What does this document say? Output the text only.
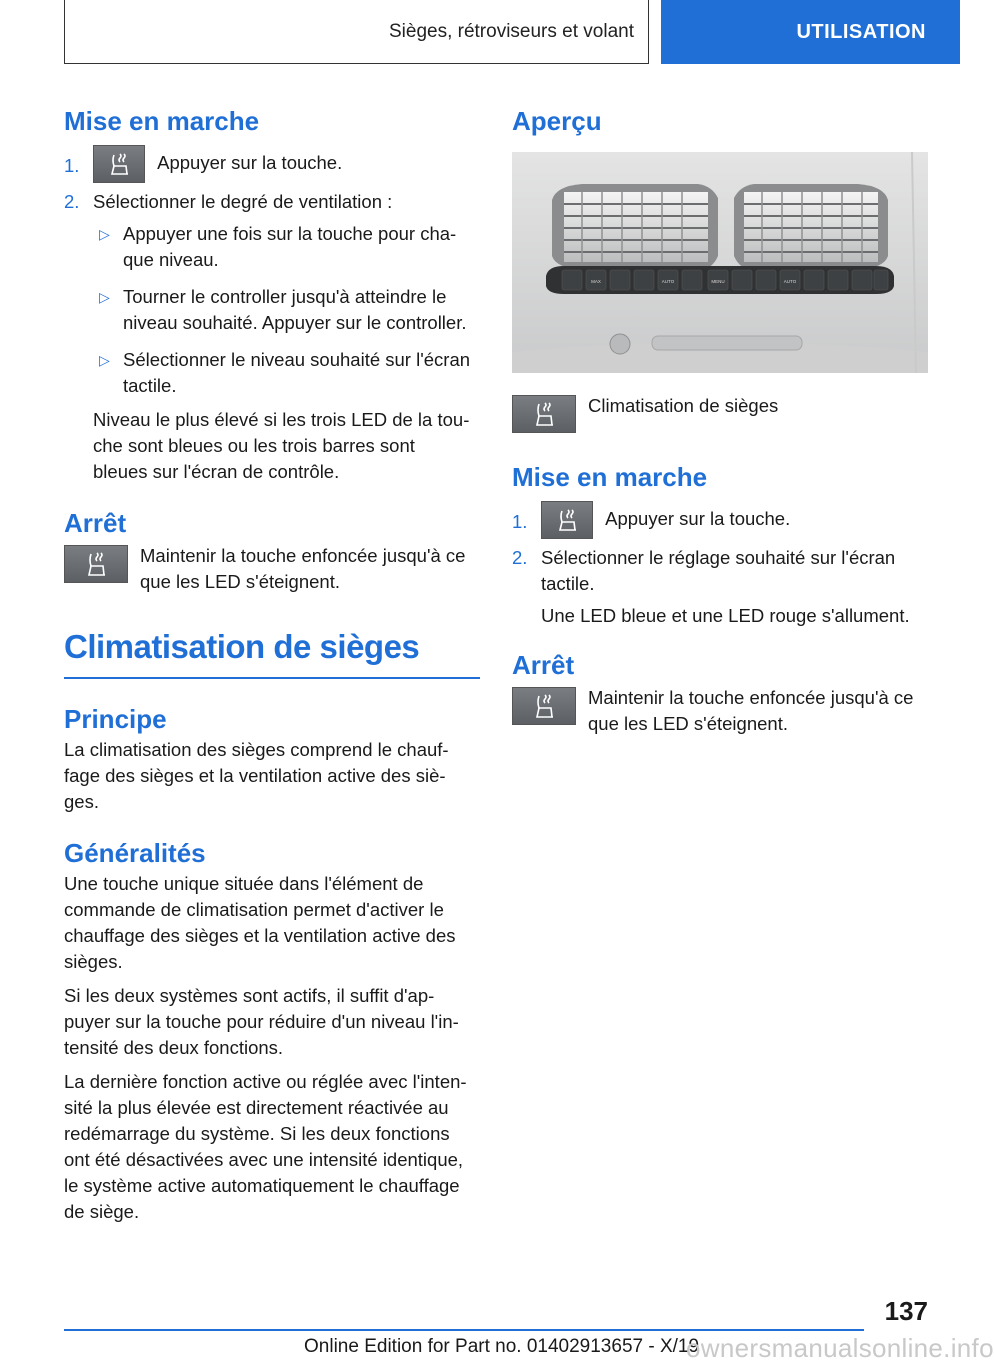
Sièges, rétroviseurs et volant	UTILISATION
Mise en marche
1.	Appuyer sur la touche.
2. Sélectionner le degré de ventilation :
▷ Appuyer une fois sur la touche pour cha-
que niveau.
▷ Tourner le controller jusqu'à atteindre le
niveau souhaité. Appuyer sur le controller.
▷ Sélectionner le niveau souhaité sur l'écran
tactile.
Niveau le plus élevé si les trois LED de la tou-
che sont bleues ou les trois barres sont
bleues sur l'écran de contrôle.
Arrêt
Maintenir la touche enfoncée jusqu'à ce
que les LED s'éteignent.
Climatisation de sièges
Principe
La climatisation des sièges comprend le chauf-
fage des sièges et la ventilation active des siè-
ges.
Généralités
Une touche unique située dans l'élément de
commande de climatisation permet d'activer le
chauffage des sièges et la ventilation active des
sièges.
Si les deux systèmes sont actifs, il suffit d'ap-
puyer sur la touche pour réduire d'un niveau l'in-
tensité des deux fonctions.
La dernière fonction active ou réglée avec l'inten-
sité la plus élevée est directement réactivée au
redémarrage du système. Si les deux fonctions
ont été désactivées avec une intensité identique,
le système active automatiquement le chauffage
de siège.
Aperçu
MAX	AUTO	MENU	AUTO
Climatisation de sièges
Mise en marche
1.	Appuyer sur la touche.
2. Sélectionner le réglage souhaité sur l'écran
tactile.
Une LED bleue et une LED rouge s'allument.
Arrêt
Maintenir la touche enfoncée jusqu'à ce
que les LED s'éteignent.
137
Online Edition for Part no. 01402913657 - X/19
ownersmanualsonline.info
